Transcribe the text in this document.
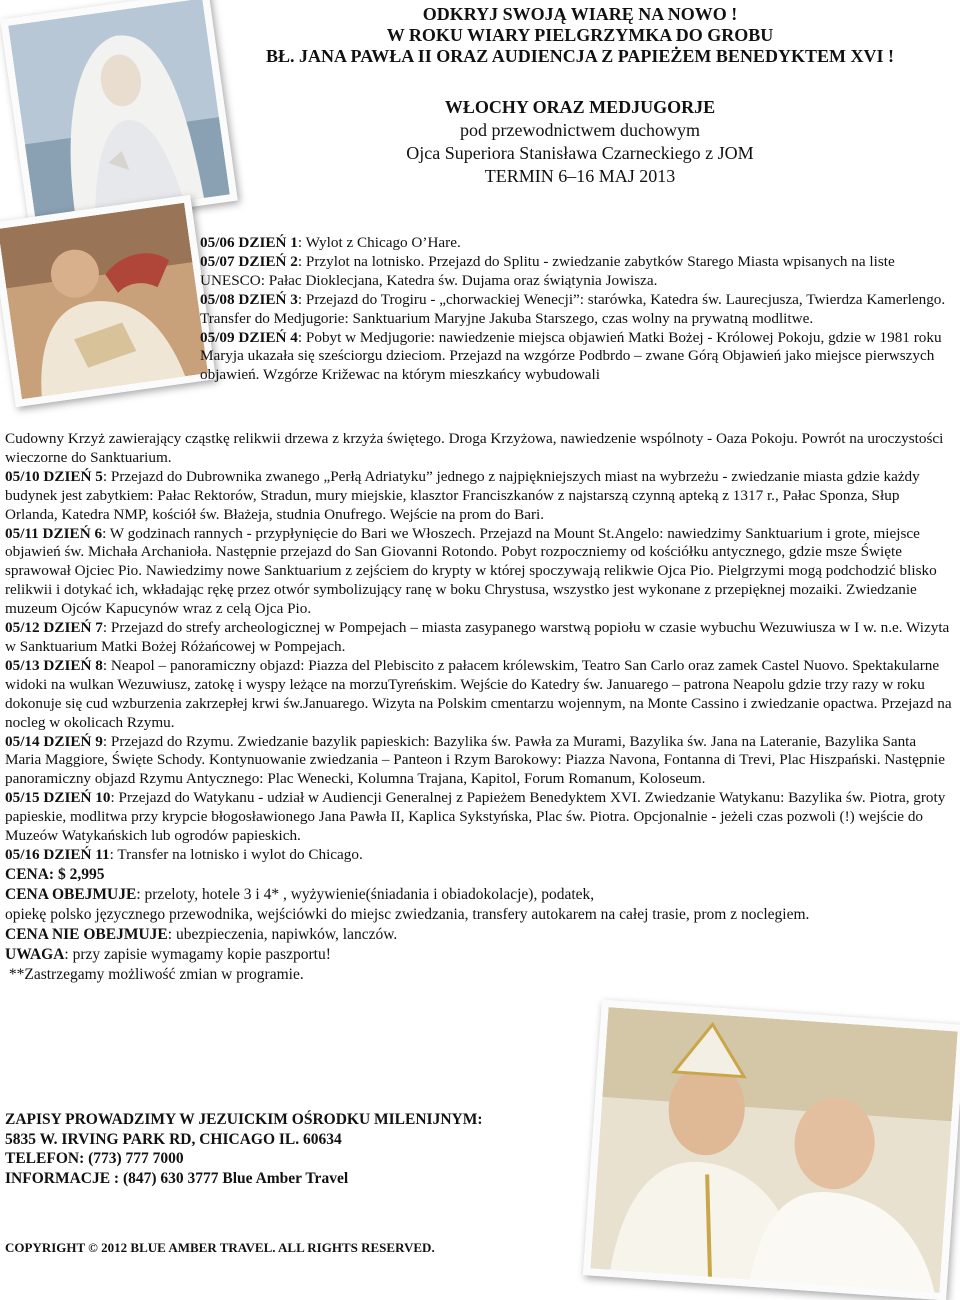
ODKRYJ SWOJĄ WIARĘ NA NOWO !
W ROKU WIARY PIELGRZYMKA DO GROBU
BŁ. JANA PAWŁA II ORAZ AUDIENCJA Z PAPIEŻEM BENEDYKTEM XVI !
WŁOCHY ORAZ MEDJUGORJE
pod przewodnictwem duchowym
Ojca Superiora Stanisława Czarneckiego z JOM
TERMIN 6–16 MAJ 2013

05/06 DZIEŃ 1: Wylot z Chicago O’Hare.

05/07 DZIEŃ 2: Przylot na lotnisko. Przejazd do Splitu - zwiedzanie zabytków Starego Miasta wpisanych na liste UNESCO: Pałac Dioklecjana, Katedra św. Dujama oraz świątynia Jowisza.

05/08 DZIEŃ 3: Przejazd do Trogiru - „chorwackiej Wenecji”: starówka, Katedra św. Laurecjusza, Twierdza Kamerlengo. Transfer do Medjugorie: Sanktuarium Maryjne Jakuba Starszego, czas wolny na prywatną modlitwe.

05/09 DZIEŃ 4: Pobyt w Medjugorie: nawiedzenie miejsca objawień Matki Bożej - Królowej Pokoju, gdzie w 1981 roku Maryja ukazała się sześciorgu dzieciom. Przejazd na wzgórze Podbrdo – zwane Górą Objawień jako miejsce pierwszych objawień. Wzgórze Križewac na którym mieszkańcy wybudowali

Cudowny Krzyż zawierający cząstkę relikwii drzewa z krzyża świętego. Droga Krzyżowa, nawiedzenie wspólnoty - Oaza Pokoju. Powrót na uroczystości wieczorne do Sanktuarium.

05/10 DZIEŃ 5: Przejazd do Dubrownika zwanego „Perłą Adriatyku” jednego z najpiękniejszych miast na wybrzeżu - zwiedzanie miasta gdzie każdy budynek jest zabytkiem: Pałac Rektorów, Stradun, mury miejskie, klasztor Franciszkanów z najstarszą czynną apteką z 1317 r., Pałac Sponza, Słup Orlanda, Katedra NMP, kościół św. Błażeja, studnia Onufrego. Wejście na prom do Bari.

05/11 DZIEŃ 6: W godzinach rannych - przypłynięcie do Bari we Włoszech. Przejazd na Mount St.Angelo: nawiedzimy Sanktuarium i grote, miejsce objawień św. Michała Archanioła. Następnie przejazd do San Giovanni Rotondo. Pobyt rozpoczniemy od kościółku antycznego, gdzie msze Święte sprawował Ojciec Pio. Nawiedzimy nowe Sanktuarium z zejściem do krypty w której spoczywają relikwie Ojca Pio. Pielgrzymi mogą podchodzić blisko relikwii i dotykać ich, wkładając rękę przez otwór symbolizujący ranę w boku Chrystusa, wszystko jest wykonane z przepięknej mozaiki. Zwiedzanie muzeum Ojców Kapucynów wraz z celą Ojca Pio.

05/12 DZIEŃ 7: Przejazd do strefy archeologicznej w Pompejach – miasta zasypanego warstwą popiołu w czasie wybuchu Wezuwiusza w I w. n.e. Wizyta w Sanktuarium Matki Bożej Różańcowej w Pompejach.

05/13 DZIEŃ 8: Neapol – panoramiczny objazd: Piazza del Plebiscito z pałacem królewskim, Teatro San Carlo oraz zamek Castel Nuovo. Spektakularne widoki na wulkan Wezuwiusz, zatokę i wyspy leżące na morzuTyreńskim. Wejście do Katedry św. Januarego – patrona Neapolu gdzie trzy razy w roku dokonuje się cud wzburzenia zakrzepłej krwi św.Januarego. Wizyta na Polskim cmentarzu wojennym, na Monte Cassino i zwiedzanie opactwa. Przejazd na nocleg w okolicach Rzymu.

05/14 DZIEŃ 9: Przejazd do Rzymu. Zwiedzanie bazylik papieskich: Bazylika św. Pawła za Murami, Bazylika św. Jana na Lateranie, Bazylika Santa Maria Maggiore, Święte Schody. Kontynuowanie zwiedzania – Panteon i Rzym Barokowy: Piazza Navona, Fontanna di Trevi, Plac Hiszpański. Następnie panoramiczny objazd Rzymu Antycznego: Plac Wenecki, Kolumna Trajana, Kapitol, Forum Romanum, Koloseum.

05/15 DZIEŃ 10: Przejazd do Watykanu - udział w Audiencji Generalnej z Papieżem Benedyktem XVI. Zwiedzanie Watykanu: Bazylika św. Piotra, groty papieskie, modlitwa przy krypcie błogosławionego Jana Pawła II, Kaplica Sykstyńska, Plac św. Piotra. Opcjonalnie - jeżeli czas pozwoli (!) wejście do Muzeów Watykańskich lub ogrodów papieskich.

05/16 DZIEŃ 11: Transfer na lotnisko i wylot do Chicago.

CENA: $ 2,995

CENA OBEJMUJE: przeloty, hotele 3 i 4* , wyżywienie(śniadania i obiadokolacje), podatek,

opiekę polsko języcznego przewodnika, wejściówki do miejsc zwiedzania, transfery autokarem na całej trasie, prom z noclegiem.

CENA NIE OBEJMUJE: ubezpieczenia, napiwków, lanczów.

UWAGA: przy zapisie wymagamy kopie paszportu!

**Zastrzegamy możliwość zmian w programie.

ZAPISY PROWADZIMY W JEZUICKIM OŚRODKU MILENIJNYM:
5835 W. IRVING PARK RD, CHICAGO IL. 60634
TELEFON: (773) 777 7000
INFORMACJE : (847) 630 3777 Blue Amber Travel
COPYRIGHT © 2012 BLUE AMBER TRAVEL. ALL RIGHTS RESERVED.
